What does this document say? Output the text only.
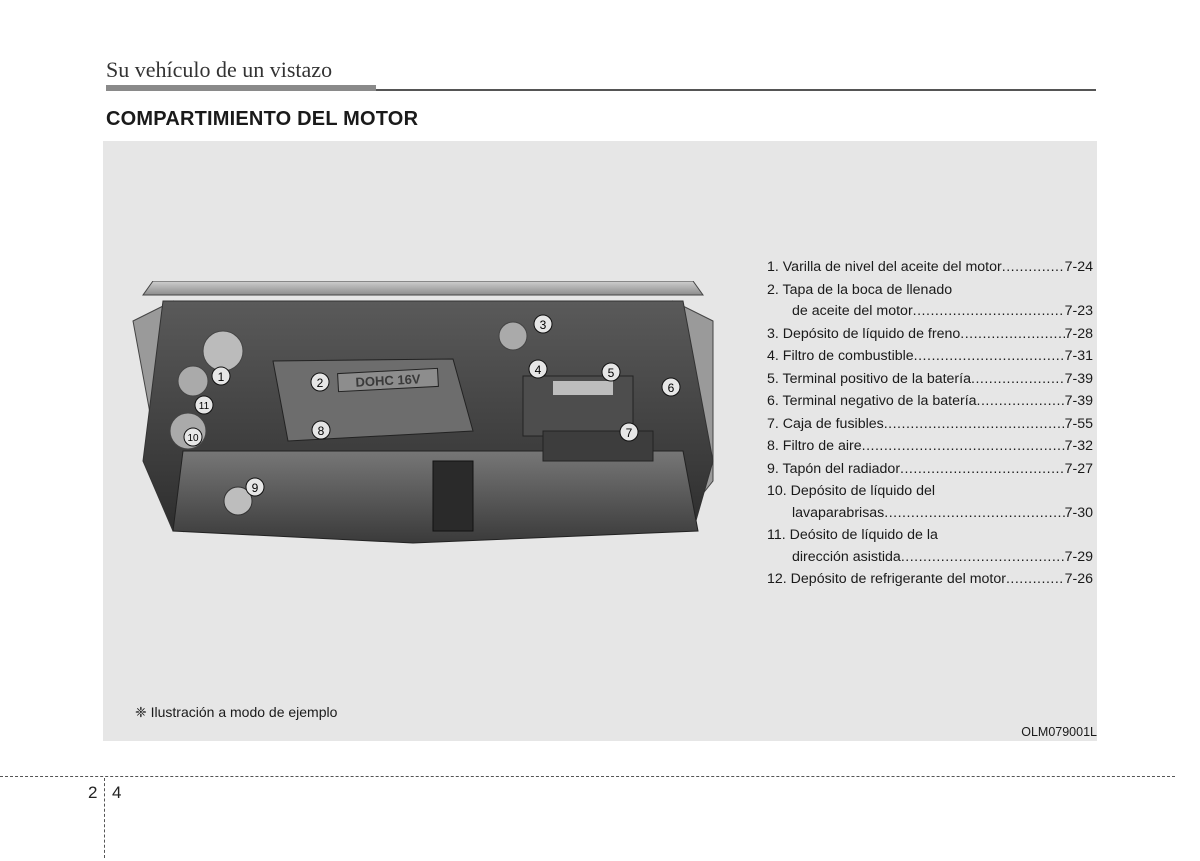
Su vehículo de un vistazo
COMPARTIMIENTO DEL MOTOR
DOHC 16V
1	2
3
4	5
6
7
8
9
10
11
1. Varilla de nivel del aceite del motor .....	7-24
2. Tapa de la boca de llenado
de aceite del motor .....	7-23
3. Depósito de líquido de freno .....	7-28
4. Filtro de combustible .....	7-31
5. Terminal positivo de la batería .....	7-39
6. Terminal negativo de la batería .....	7-39
7. Caja de fusibles .....	7-55
8. Filtro de aire .....	7-32
9. Tapón del radiador .....	7-27
10. Depósito de líquido del
lavaparabrisas .....	7-30
11. Deósito de líquido de la
dirección asistida .....	7-29
12. Depósito de refrigerante del motor .....	7-26
❈ Ilustración a modo de ejemplo
OLM079001L
2 4
